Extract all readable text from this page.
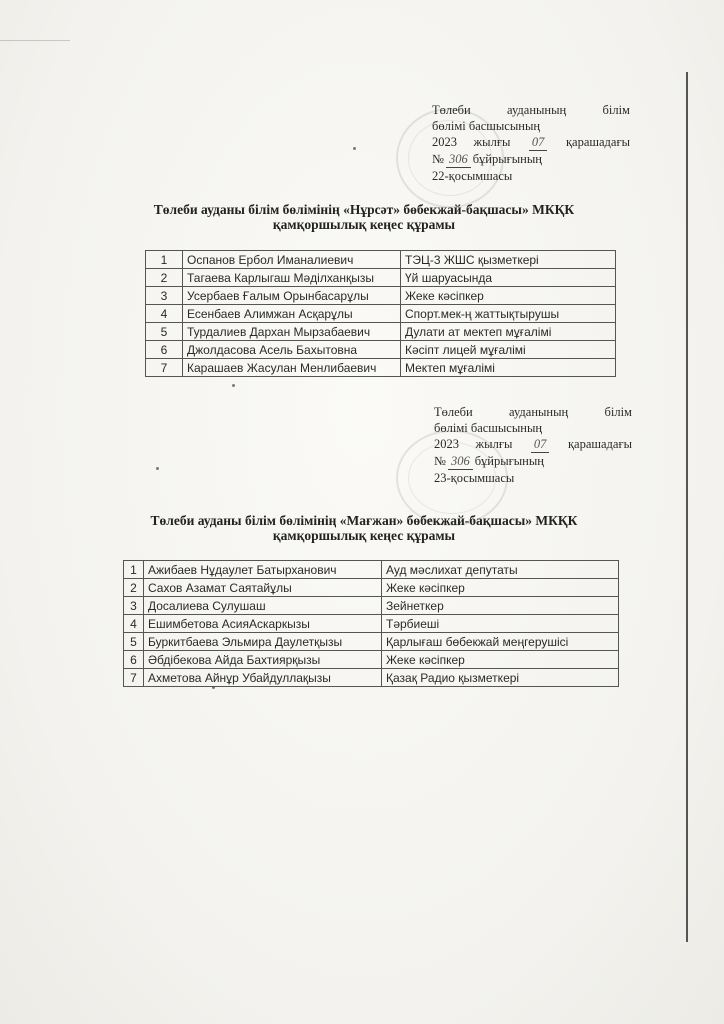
Төлеби	ауданының	білім
бөлімі басшысының
2023 жылғы 07 қарашадағы
№ 306 бұйрығының
22-қосымшасы
Төлеби ауданы білім бөлімінің «Нұрсәт» бөбекжай-бақшасы» МКҚК
қамқоршылық кеңес құрамы
1	Оспанов Ербол Иманалиевич	ТЭЦ-3 ЖШС қызметкері
2	Тагаева Карлыгаш Мәділханқызы	Үй шаруасында
3	Усербаев Ғалым Орынбасарұлы	Жеке кәсіпкер
4	Есенбаев Алимжан Асқарұлы	Спорт.мек-ң жаттықтырушы
5	Турдалиев Дархан Мырзабаевич	Дулати ат мектеп мұғалімі
6	Джолдасова Асель Бахытовна	Кәсіпт лицей мұғалімі
7	Карашаев Жасулан Менлибаевич	Мектеп мұғалімі
Төлеби	ауданының	білім
бөлімі басшысының
2023 жылғы 07 қарашадағы
№ 306 бұйрығының
23-қосымшасы
Төлеби ауданы білім бөлімінің «Мағжан» бөбекжай-бақшасы» МКҚК
қамқоршылық кеңес құрамы
1	Ажибаев Нұдаулет Батырханович	Ауд мәслихат депутаты
2	Сахов Азамат Саятайұлы	Жеке кәсіпкер
3	Досалиева Сулушаш	Зейнеткер
4	Ешимбетова АсияАскаркызы	Тәрбиеші
5	Буркитбаева Эльмира Даулетқызы	Қарлығаш бөбекжай меңгерушісі
6	Әбдібекова Айда Бахтиярқызы	Жеке кәсіпкер
7	Ахметова Айнұр Убайдуллақызы	Қазақ Радио қызметкері
